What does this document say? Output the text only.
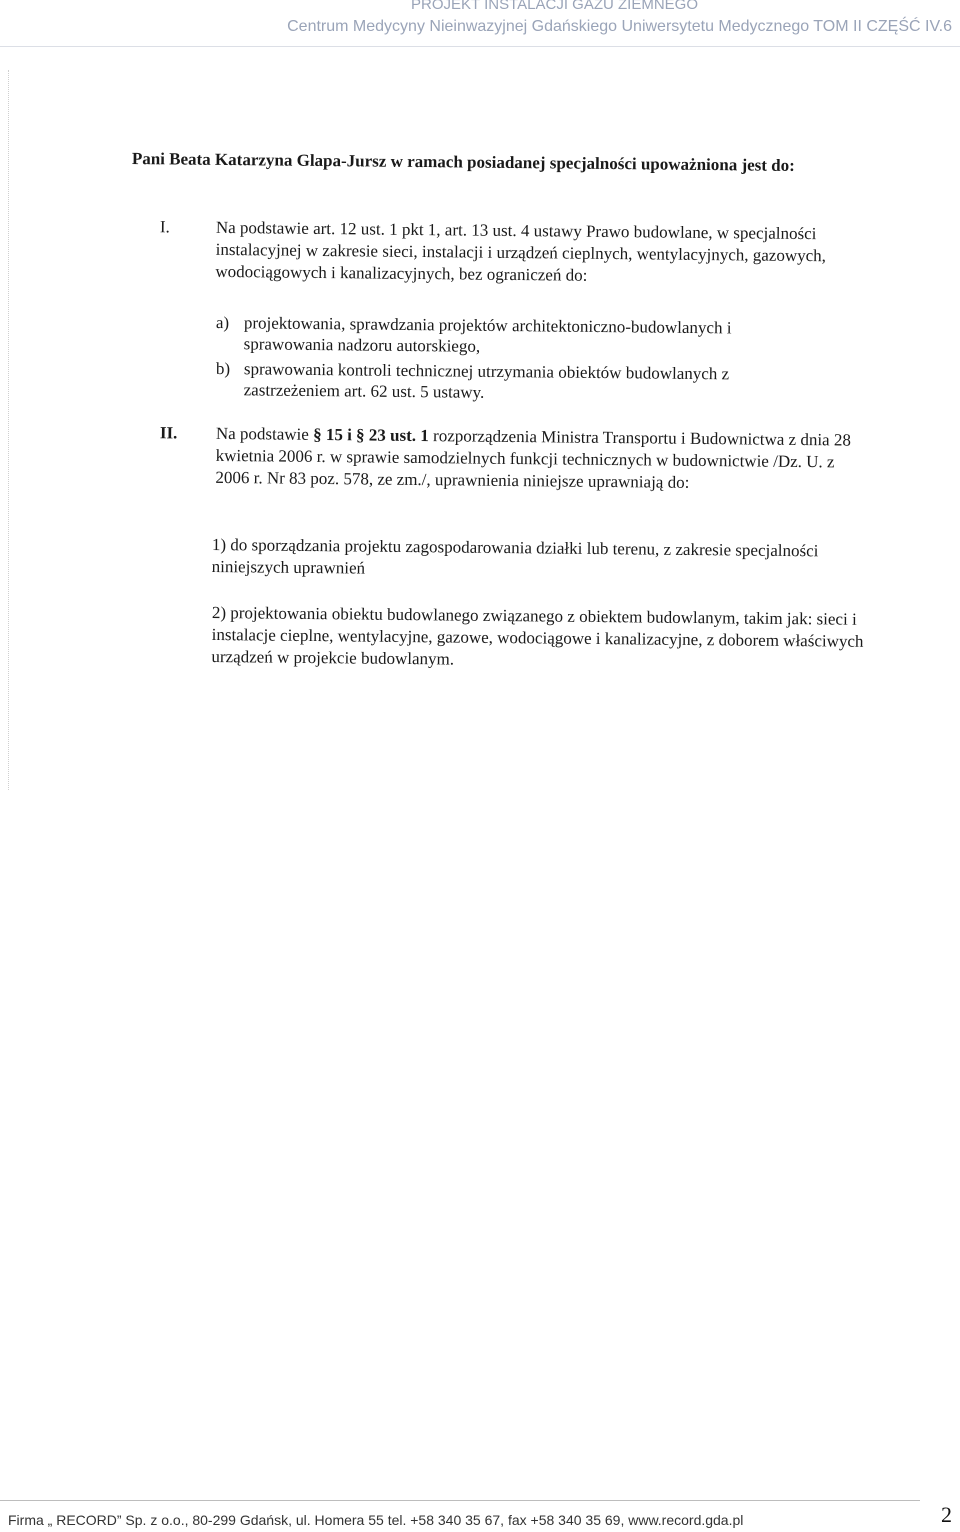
PROJEKT INSTALACJI GAZU ZIEMNEGO
Centrum Medycyny Nieinwazyjnej Gdańskiego Uniwersytetu Medycznego TOM II CZĘŚĆ IV.6
Pani Beata Katarzyna Glapa-Jursz w ramach posiadanej specjalności upoważniona jest do:
I.	Na podstawie art. 12 ust. 1 pkt 1, art. 13 ust. 4 ustawy Prawo budowlane, w specjalności instalacyjnej w zakresie sieci, instalacji i urządzeń cieplnych, wentylacyjnych, gazowych, wodociągowych i kanalizacyjnych, bez ograniczeń do:

a) projektowania, sprawdzania projektów architektoniczno-budowlanych i sprawowania nadzoru autorskiego,

b) sprawowania kontroli technicznej utrzymania obiektów budowlanych z zastrzeżeniem art. 62 ust. 5 ustawy.

II. Na podstawie § 15 i § 23 ust. 1 rozporządzenia Ministra Transportu i Budownictwa z dnia 28 kwietnia 2006 r. w sprawie samodzielnych funkcji technicznych w budownictwie /Dz. U. z 2006 r. Nr 83 poz. 578, ze zm./, uprawnienia niniejsze uprawniają do:

1) do sporządzania projektu zagospodarowania działki lub terenu, z zakresie specjalności niniejszych uprawnień
2) projektowania obiektu budowlanego związanego z obiektem budowlanym, takim jak: sieci i instalacje cieplne, wentylacyjne, gazowe, wodociągowe i kanalizacyjne, z doborem właściwych urządzeń w projekcie budowlanym.
Firma „ RECORD” Sp. z o.o., 80-299 Gdańsk, ul. Homera 55 tel. +58 340 35 67, fax +58 340 35 69, www.record.gda.pl	2
